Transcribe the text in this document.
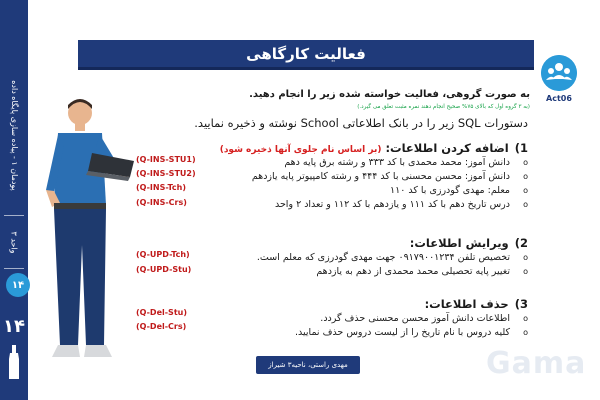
پودمان ۱ - پیاده سازی پایگاه داده
واحد ۳
۱۴
۱۴
فعالیت کارگاهی
Act06
به صورت گروهی، فعالیت خواسته شده زیر را انجام دهید.
(به ۳ گروه اول که بالای ۷۵% صحیح انجام دهند نمره مثبت تعلق می گیرد.)
دستورات SQL زیر را در بانک اطلاعاتی School نوشته و ذخیره نمایید.
1)اضافه کردن اطلاعات:(بر اساس نام جلوی آنها ذخیره شود)
o دانش آموز: محمد محمدی با کد ۳۳۳ و رشته برق پایه دهم
o دانش آموز: محسن محسنی با کد ۴۴۴ و رشته کامپیوتر پایه یازدهم
o معلم: مهدی گودرزی با کد ۱۱۰
o درس تاریخ دهم با کد ۱۱۱ و یازدهم با کد ۱۱۲ و تعداد ۲ واحد
2)ویرایش اطلاعات:
o تخصیص تلفن ۰۹۱۷۹۰۰۱۲۳۴ جهت مهدی گودرزی که معلم است.
o تغییر پایه تحصیلی محمد محمدی از دهم به یازدهم
3)حذف اطلاعات:
o اطلاعات دانش آموز محسن محسنی حذف گردد.
o کلیه دروس با نام تاریخ را از لیست دروس حذف نمایید.
(Q-INS-STU1)
(Q-INS-STU2)
(Q-INS-Tch)
(Q-INS-Crs)
(Q-UPD-Tch)
(Q-UPD-Stu)
(Q-Del-Stu)
(Q-Del-Crs)
مهدی راستی، ناحیه۳ شیراز	Gama
